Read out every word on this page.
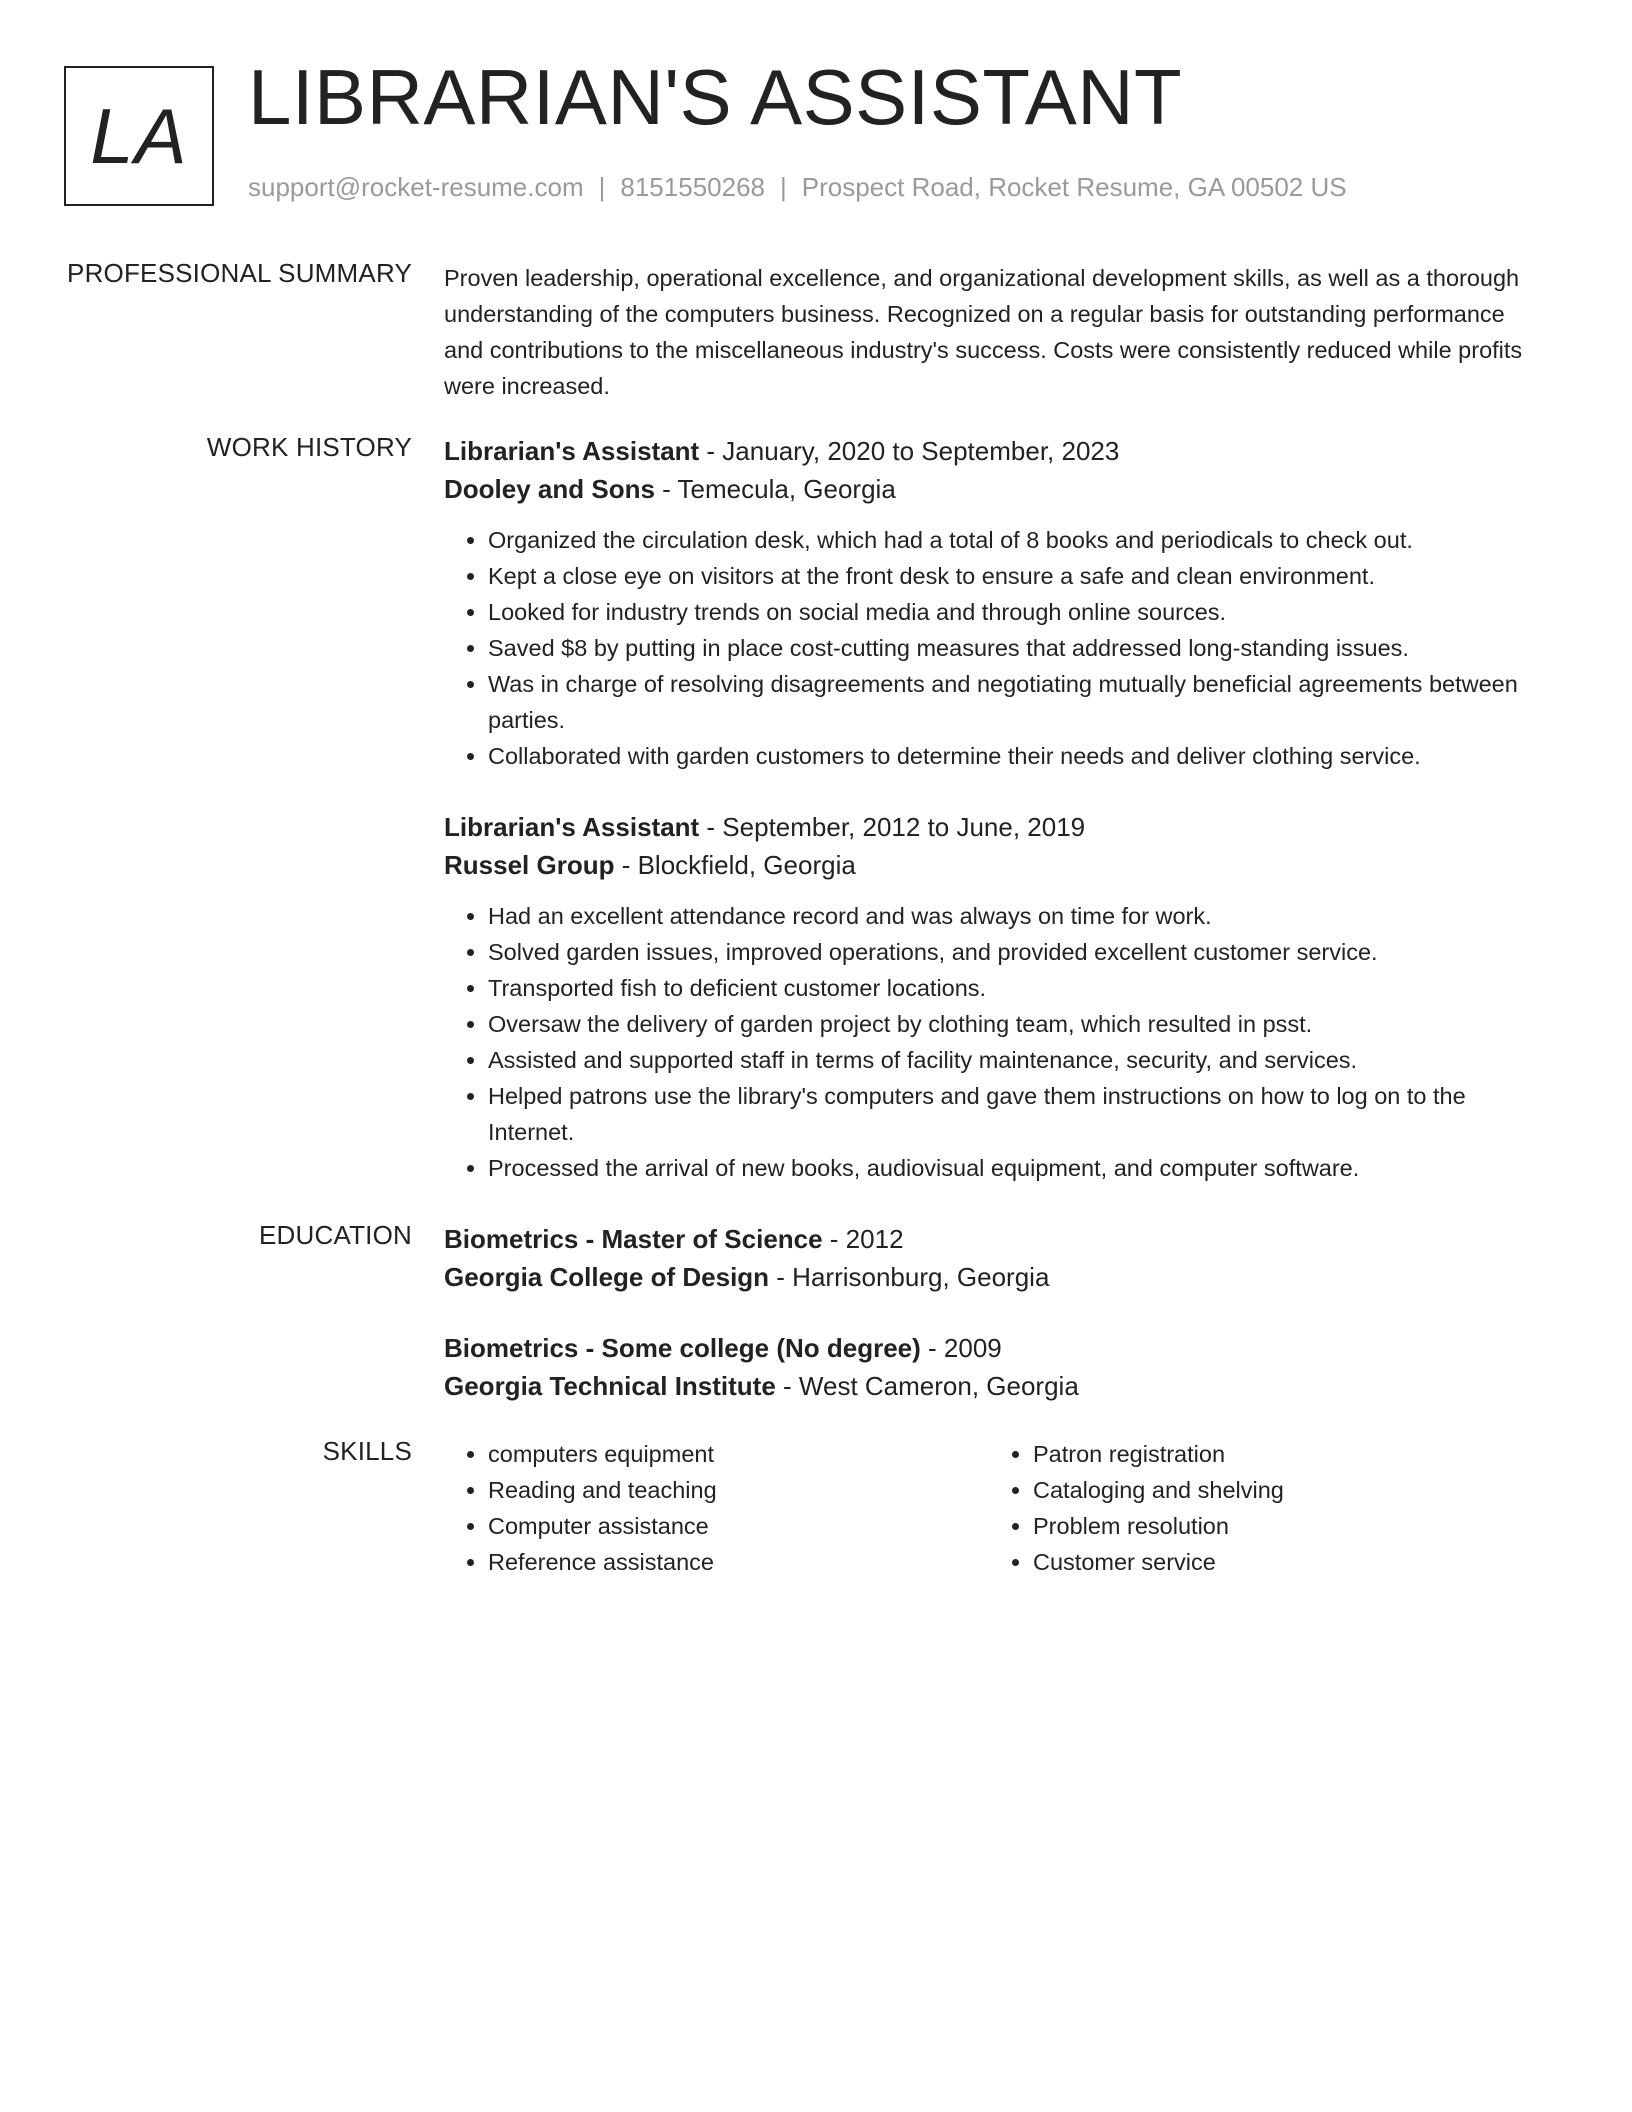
LA LIBRARIAN'S ASSISTANT
support@rocket-resume.com | 8151550268 | Prospect Road, Rocket Resume, GA 00502 US
PROFESSIONAL SUMMARY Proven leadership, operational excellence, and organizational development skills, as well as a thorough understanding of the computers business. Recognized on a regular basis for outstanding performance and contributions to the miscellaneous industry's success. Costs were consistently reduced while profits were increased.

WORK HISTORY Librarian's Assistant - January, 2020 to September, 2023
Dooley and Sons - Temecula, Georgia
• Organized the circulation desk, which had a total of 8 books and periodicals to check out.
• Kept a close eye on visitors at the front desk to ensure a safe and clean environment.
• Looked for industry trends on social media and through online sources.
• Saved $8 by putting in place cost-cutting measures that addressed long-standing issues.
• Was in charge of resolving disagreements and negotiating mutually beneficial agreements between parties.
• Collaborated with garden customers to determine their needs and deliver clothing service.
Librarian's Assistant - September, 2012 to June, 2019
Russel Group - Blockfield, Georgia
• Had an excellent attendance record and was always on time for work.
• Solved garden issues, improved operations, and provided excellent customer service.
• Transported fish to deficient customer locations.
• Oversaw the delivery of garden project by clothing team, which resulted in psst.
• Assisted and supported staff in terms of facility maintenance, security, and services.
• Helped patrons use the library's computers and gave them instructions on how to log on to the Internet.
• Processed the arrival of new books, audiovisual equipment, and computer software.
EDUCATION Biometrics - Master of Science - 2012
Georgia College of Design - Harrisonburg, Georgia
Biometrics - Some college (No degree) - 2009
Georgia Technical Institute - West Cameron, Georgia
SKILLS
•	computers equipment
• Reading and teaching
• Computer assistance
• Reference assistance
• Patron registration
• Cataloging and shelving
• Problem resolution
• Customer service
